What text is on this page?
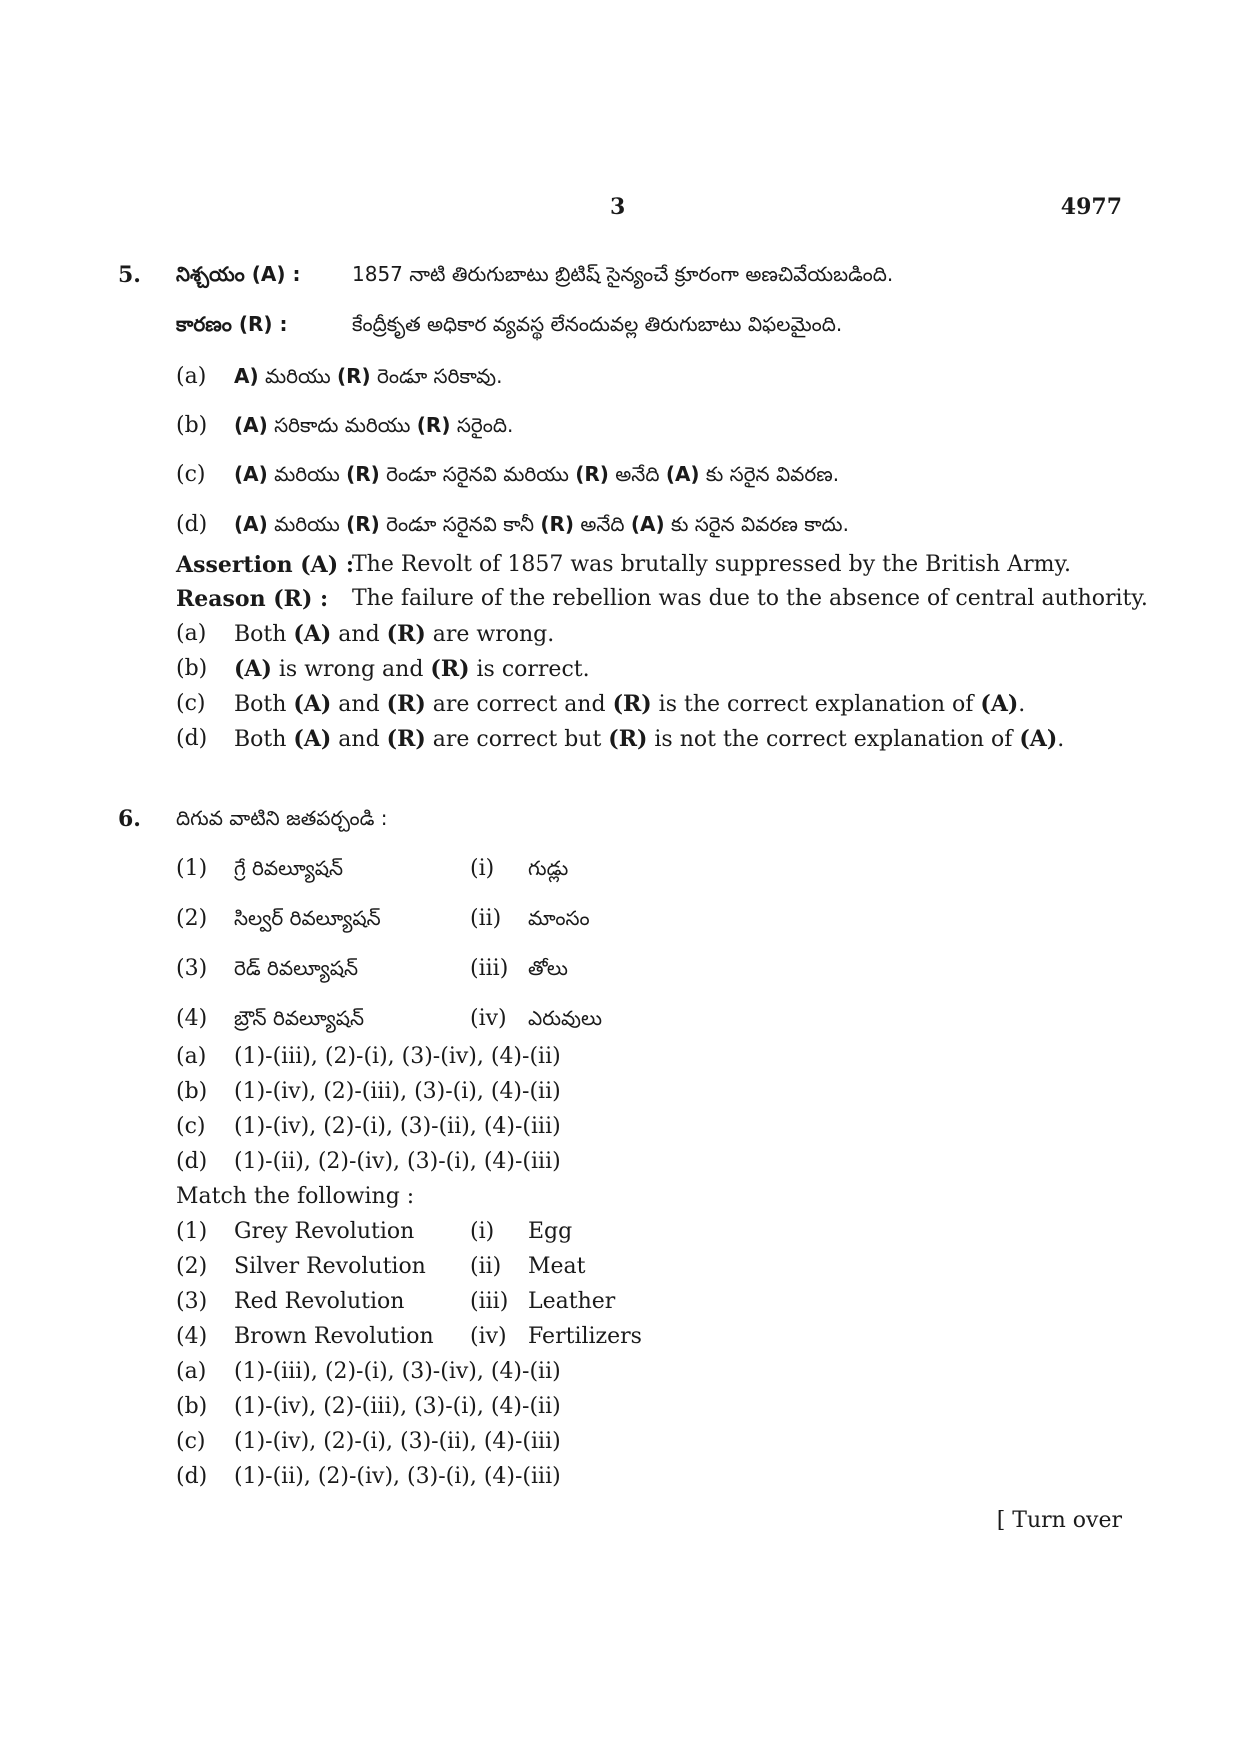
3	4977
5. నిశ్చయం (A) :	1857 నాటి తిరుగుబాటు బ్రిటిష్ సైన్యంచే క్రూరంగా అణచివేయబడింది.
కారణం (R) :	కేంద్రీకృత అధికార వ్యవస్థ లేనందువల్ల తిరుగుబాటు విఫలమైంది.
(a) A) మరియు (R) రెండూ సరికావు.
(b) (A) సరికాదు మరియు (R) సరైంది.
(c) (A) మరియు (R) రెండూ సరైనవి మరియు (R) అనేది (A) కు సరైన వివరణ.
(d) (A) మరియు (R) రెండూ సరైనవి కానీ (R) అనేది (A) కు సరైన వివరణ కాదు.
Assertion (A) :
The Revolt of 1857 was brutally suppressed by the British Army.
Reason (R) : The failure of the rebellion was due to the absence of central authority.
(a) Both (A) and (R) are wrong.
(b) (A) is wrong and (R) is correct.
(c) Both (A) and (R) are correct and (R) is the correct explanation of (A).
(d) Both (A) and (R) are correct but (R) is not the correct explanation of (A).
6. దిగువ వాటిని జతపర్చండి :
(1) గ్రే రివల్యూషన్	(i) గుడ్లు
(2) సిల్వర్ రివల్యూషన్	(ii) మాంసం
(3) రెడ్ రివల్యూషన్	(iii) తోలు
(4) బ్రౌన్ రివల్యూషన్	(iv) ఎరువులు
(a) (1)-(iii), (2)-(i), (3)-(iv), (4)-(ii)
(b) (1)-(iv), (2)-(iii), (3)-(i), (4)-(ii)
(c) (1)-(iv), (2)-(i), (3)-(ii), (4)-(iii)
(d) (1)-(ii), (2)-(iv), (3)-(i), (4)-(iii)
Match the following :
(1) Grey Revolution	(i) Egg
(2) Silver Revolution (ii) Meat
(3) Red Revolution	(iii) Leather
(4) Brown Revolution (iv) Fertilizers
(a) (1)-(iii), (2)-(i), (3)-(iv), (4)-(ii)
(b) (1)-(iv), (2)-(iii), (3)-(i), (4)-(ii)
(c) (1)-(iv), (2)-(i), (3)-(ii), (4)-(iii)
(d) (1)-(ii), (2)-(iv), (3)-(i), (4)-(iii)
[ Turn over
